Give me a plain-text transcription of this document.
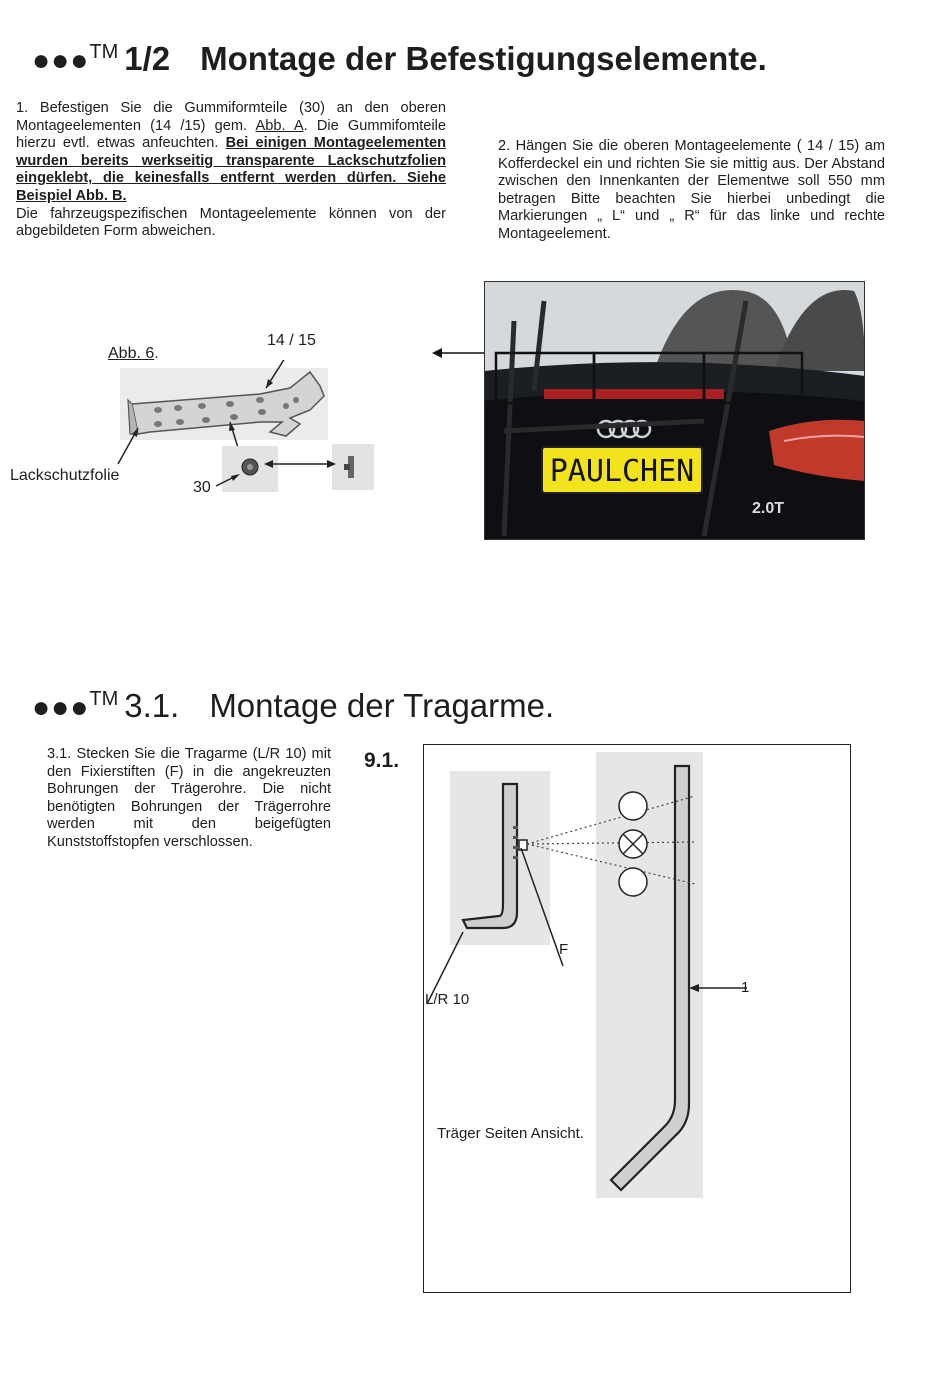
●●● TM 1/2 Montage der Befestigungselemente.
1. Befestigen Sie die Gummiformteile (30) an den oberen Montageelementen (14 /15) gem. Abb. A. Die Gummifomteile hierzu evtl. etwas anfeuchten. Bei einigen Montageelementen wurden bereits werkseitig transparente Lackschutzfolien eingeklebt, die keinesfalls entfernt werden dürfen. Siehe Beispiel Abb. B.
Die fahrzeugspezifischen Montageelemente können von der abgebildeten Form abweichen.
2. Hängen Sie die oberen Montageelemente ( 14 / 15) am Kofferdeckel ein und richten Sie sie mittig aus. Der Abstand zwischen den Innenkanten der Elementwe soll 550 mm betragen Bitte beachten Sie hierbei unbedingt die Markierungen „ L“ und „ R“ für das linke und rechte Montageelement.
Abb. 6.
14 / 15
Lackschutzfolie
30	PAULCHEN
2.0T
●●● TM 3.1. Montage der Tragarme.
3.1. Stecken Sie die Tragarme (L/R 10) mit den Fixierstiften (F) in die angekreuzten Bohrungen der Trägerohre. Die nicht benötigten Bohrungen der Trägerrohre werden mit den beigefügten Kunststoffstopfen verschlossen.
9.1.
L/R 10
F
1
Träger Seiten Ansicht.
